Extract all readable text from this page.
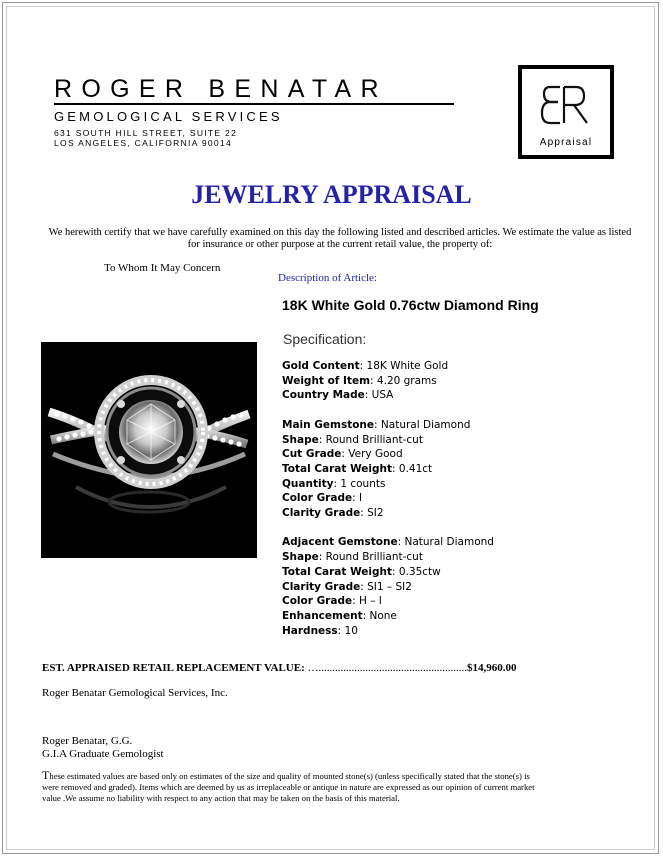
ROGER BENATAR
GEMOLOGICAL SERVICES
631 SOUTH HILL STREET, SUITE 22
LOS ANGELES, CALIFORNIA 90014	Appraisal
JEWELRY APPRAISAL
We herewith certify that we have carefully examined on this day the following listed and described articles. We estimate the value as listed for insurance or other purpose at the current retail value, the property of:
To Whom It May Concern
Description of Article:
18K White Gold 0.76ctw Diamond Ring
Specification:
Gold Content: 18K White Gold
Weight of Item: 4.20 grams
Country Made: USA
Main Gemstone: Natural Diamond
Shape: Round Brilliant-cut
Cut Grade: Very Good
Total Carat Weight: 0.41ct
Quantity: 1 counts
Color Grade: I
Clarity Grade: SI2
Adjacent Gemstone: Natural Diamond
Shape: Round Brilliant-cut
Total Carat Weight: 0.35ctw
Clarity Grade: SI1 – SI2
Color Grade: H – I
Enhancement: None
Hardness: 10
EST. APPRAISED RETAIL REPLACEMENT VALUE: …......................................................$14,960.00
Roger Benatar Gemological Services, Inc.
Roger Benatar, G.G.
G.I.A Graduate Gemologist
These estimated values are based only on estimates of the size and quality of mounted stone(s) (unless specifically stated that the stone(s) is were removed and graded). Items which are deemed by us as irreplaceable or antique in nature are expressed as our opinion of current market value .We assume no liability with respect to any action that may be taken on the basis of this material.
